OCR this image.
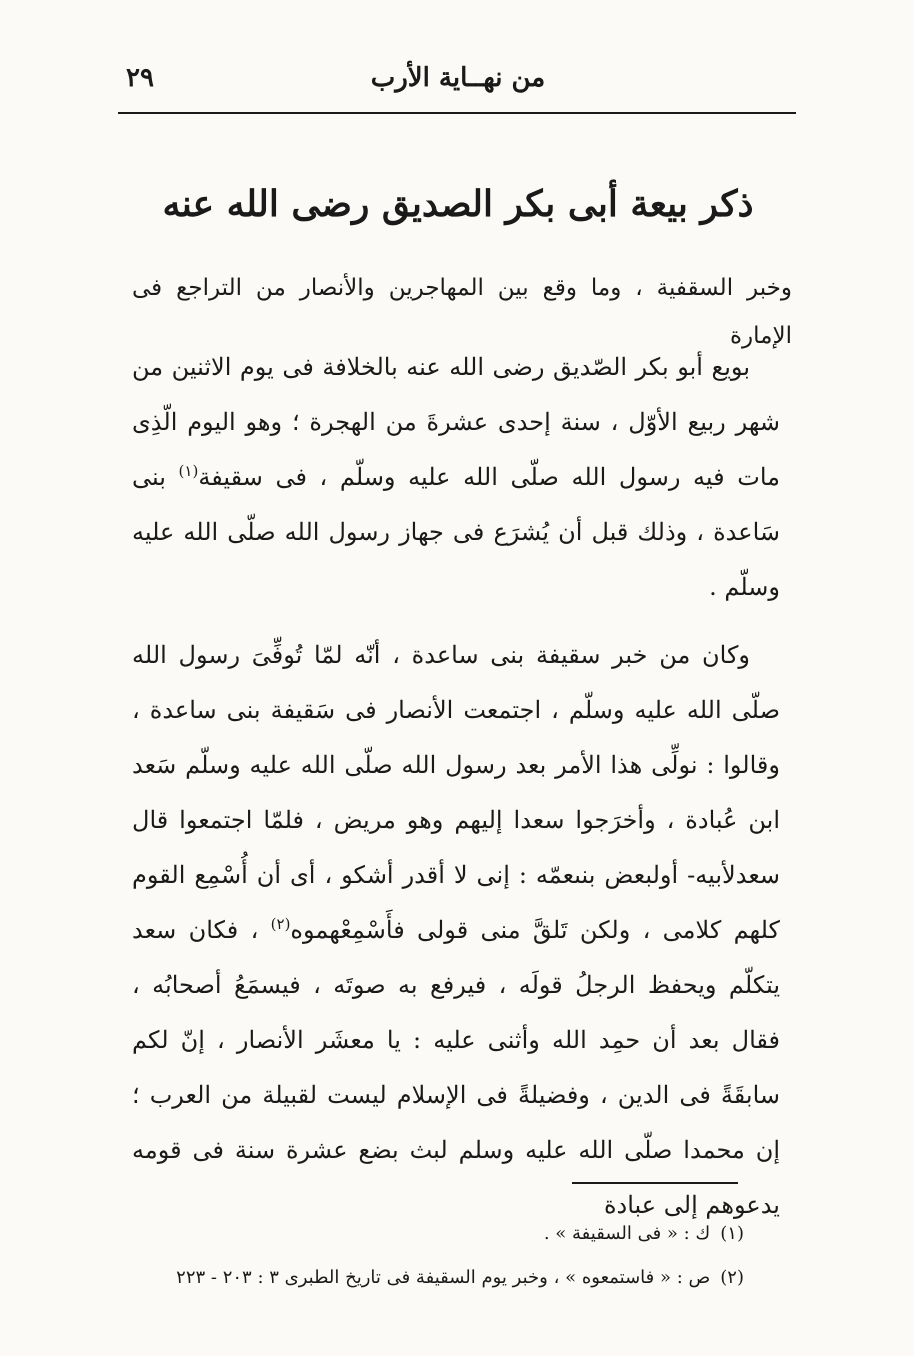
من نهــاية الأرب
٢٩
ذكر بيعة أبى بكر الصديق رضى الله عنه

وخبر السقفية ، وما وقع بين المهاجرين والأنصار من التراجع فى الإمارة

بويع أبو بكر الصّديق رضى الله عنه بالخلافة فى يوم الاثنين من شهر ربيع الأوّل ، سنة إحدى عشرةَ من الهجرة ؛ وهو اليوم الّذِى مات فيه رسول الله صلّى الله عليه وسلّم ، فى سقيفة$^{(١)}$ بنى سَاعدة ، وذلك قبل أن يُشرَع فى جهاز رسول الله صلّى الله عليه وسلّم .

وكان من خبر سقيفة بنى ساعدة ، أنّه لمّا تُوفِّىَ رسول الله صلّى الله عليه وسلّم ، اجتمعت الأنصار فى سَقيفة بنى ساعدة ، وقالوا : نولِّى هذا الأمر بعد رسول الله صلّى الله عليه وسلّم سَعد ابن عُبادة ، وأخرَجوا سعدا إليهم وهو مريض ، فلمّا اجتمعوا قال سعدلأبيه- أولبعض بنىعمّه : إنى لا أقدر أشكو ، أى أن أُسْمِع القوم كلهم كلامى ، ولكن تَلقَّ منى قولى فأَسْمِعْهموه$^{(٢)}$ ، فكان سعد يتكلّم ويحفظ الرجلُ قولَه ، فيرفع به صوتَه ، فيسمَعُ أصحابُه ، فقال بعد أن حمِد الله وأثنى عليه : يا معشَر الأنصار ، إنّ لكم سابقَةً فى الدين ، وفضيلةً فى الإسلام ليست لقبيلة من العرب ؛ إن محمدا صلّى الله عليه وسلم لبث بضع عشرة سنة فى قومه يدعوهم إلى عبادة

(١)ك : « فى السقيفة » .
(٢)ص : « فاستمعوه » ، وخبر يوم السقيفة فى تاريخ الطبرى ٣ : ٢٠٣ - ٢٢٣
